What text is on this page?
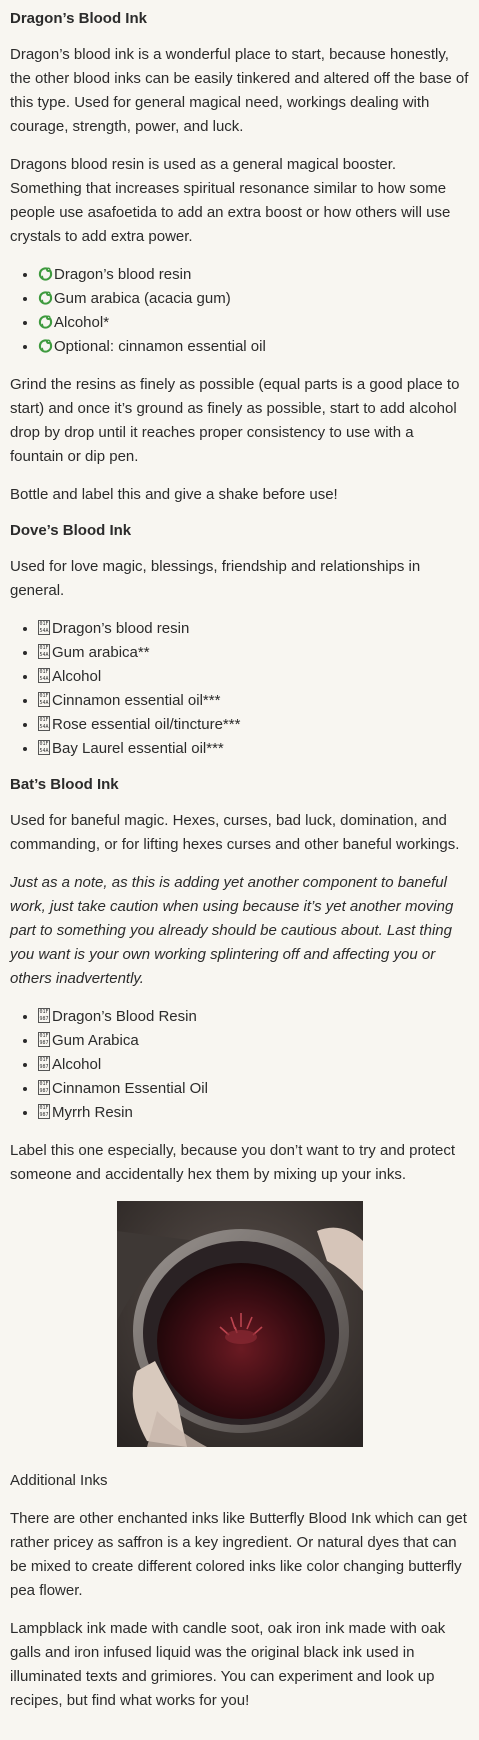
Dragon’s Blood Ink

Dragon’s blood ink is a wonderful place to start, because honestly, the other blood inks can be easily tinkered and altered off the base of this type. Used for general magical need, workings dealing with courage, strength, power, and luck.

Dragons blood resin is used as a general magical booster. Something that increases spiritual resonance similar to how some people use asafoetida to add an extra boost or how others will use crystals to add extra power.

• Dragon’s blood resin
• Gum arabica (acacia gum)
• Alcohol*
• Optional: cinnamon essential oil

Grind the resins as finely as possible (equal parts is a good place to start) and once it’s ground as finely as possible, start to add alcohol drop by drop until it reaches proper consistency to use with a fountain or dip pen.

Bottle and label this and give a shake before use!

Dove’s Blood Ink

Used for love magic, blessings, friendship and relationships in general.

• 01F
54A Dragon’s blood resin
• 01F
54A Gum arabica**
• 01F
54A Alcohol
• 01F
54A Cinnamon essential oil***
• 01F
54A Rose essential oil/tincture***
• 01F
54A Bay Laurel essential oil***
Bat’s Blood Ink

Used for baneful magic. Hexes, curses, bad luck, domination, and commanding, or for lifting hexes curses and other baneful workings.

Just as a note, as this is adding yet another component to baneful work, just take caution when using because it’s yet another moving part to something you already should be cautious about. Last thing you want is your own working splintering off and affecting you or others inadvertently.

• 01F
987 Dragon’s Blood Resin
• 01F
987 Gum Arabica
• 01F
987 Alcohol
• 01F
987 Cinnamon Essential Oil
• 01F
987 Myrrh Resin

Label this one especially, because you don’t want to try and protect someone and accidentally hex them by mixing up your inks.

Additional Inks

There are other enchanted inks like Butterfly Blood Ink which can get rather pricey as saffron is a key ingredient. Or natural dyes that can be mixed to create different colored inks like color changing butterfly pea flower.

Lampblack ink made with candle soot, oak iron ink made with oak galls and iron infused liquid was the original black ink used in illuminated texts and grimiores. You can experiment and look up recipes, but find what works for you!
